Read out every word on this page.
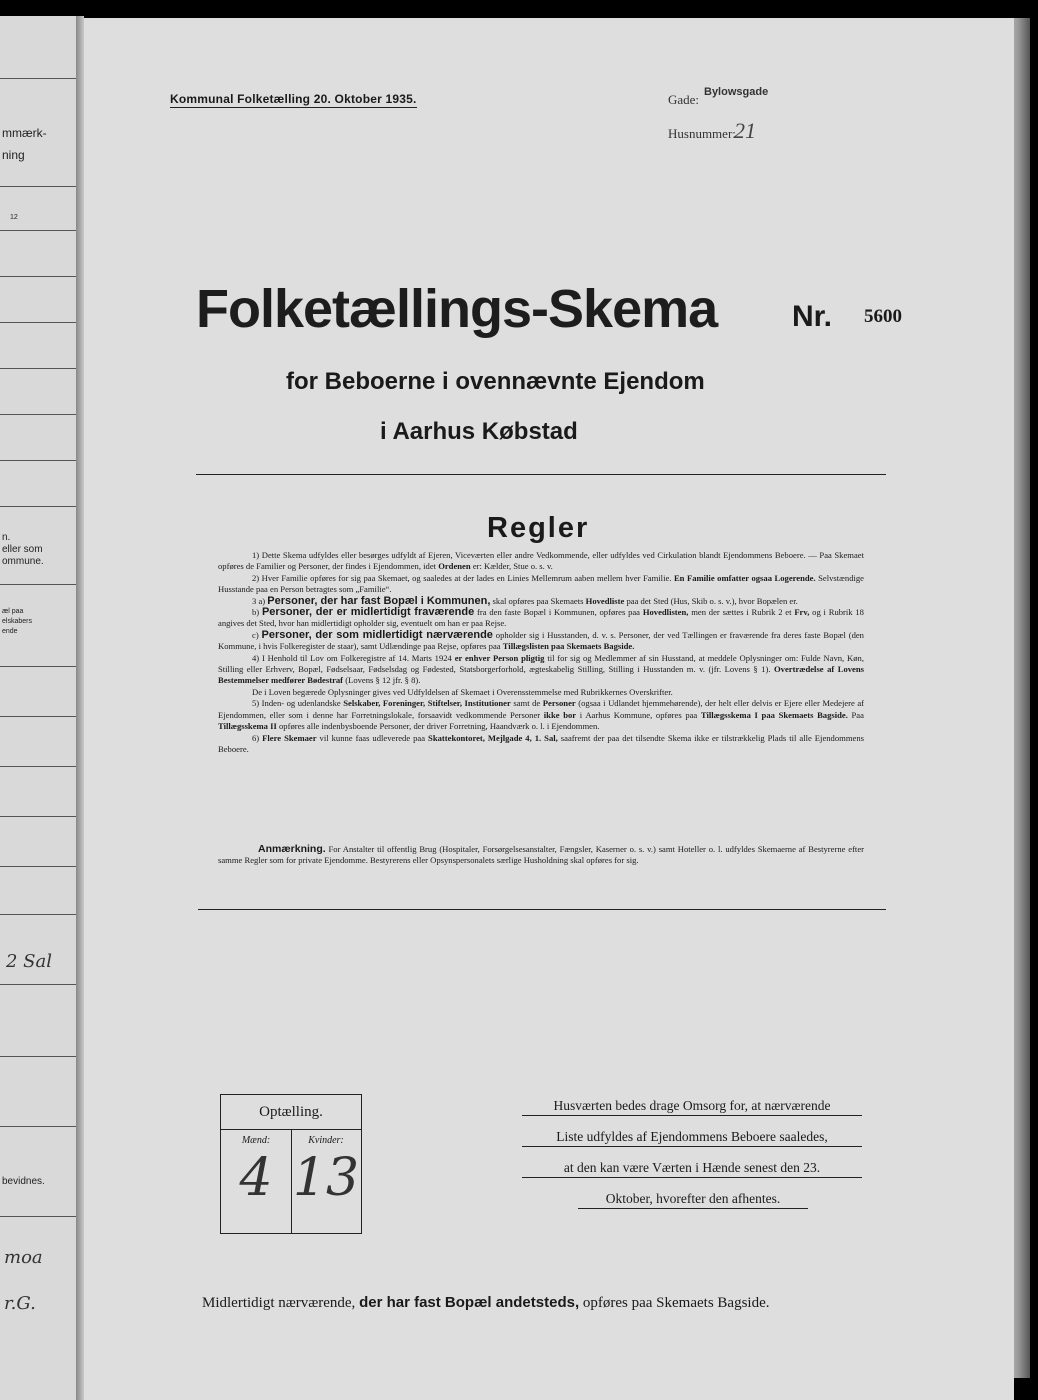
mmærk-
ning
12
n.
eller som
ommune.
æl paa
elskabers
ende
2 Sal
bevidnes.
moa
r.G.
Kommunal Folketælling 20. Oktober 1935.	Gade: Bylowsgade
Husnummer:
21
Folketællings-Skema Nr. 5600
for Beboerne i ovennævnte Ejendom
i Aarhus Købstad
Regler

1) Dette Skema udfyldes eller besørges udfyldt af Ejeren, Viceværten eller andre Vedkommende, eller udfyldes ved Cirkulation blandt Ejendommens Beboere. — Paa Skemaet opføres de Familier og Personer, der findes i Ejendommen, idet Ordenen er: Kælder, Stue o. s. v.

2) Hver Familie opføres for sig paa Skemaet, og saaledes at der lades en Linies Mellemrum aaben mellem hver Familie. En Familie omfatter ogsaa Logerende. Selvstændige Husstande paa en Person betragtes som „Familie“.

3 a) Personer, der har fast Bopæl i Kommunen, skal opføres paa Skemaets Hovedliste paa det Sted (Hus, Skib o. s. v.), hvor Bopælen er.

b) Personer, der er midlertidigt fraværende fra den faste Bopæl i Kommunen, opføres paa Hovedlisten, men der sættes i Rubrik 2 et Frv, og i Rubrik 18 angives det Sted, hvor han midlertidigt opholder sig, eventuelt om han er paa Rejse.

c) Personer, der som midlertidigt nærværende opholder sig i Husstanden, d. v. s. Personer, der ved Tællingen er fraværende fra deres faste Bopæl (den Kommune, i hvis Folkeregister de staar), samt Udlændinge paa Rejse, opføres paa Tillægslisten paa Skemaets Bagside.

4) I Henhold til Lov om Folkeregistre af 14. Marts 1924 er enhver Person pligtig til for sig og Medlemmer af sin Husstand, at meddele Oplysninger om: Fulde Navn, Køn, Stilling eller Erhverv, Bopæl, Fødselsaar, Fødselsdag og Fødested, Statsborgerforhold, ægteskabelig Stilling, Stilling i Husstanden m. v. (jfr. Lovens § 1). Overtrædelse af Lovens Bestemmelser medfører Bødestraf (Lovens § 12 jfr. § 8).

De i Loven begærede Oplysninger gives ved Udfyldelsen af Skemaet i Overensstemmelse med Rubrikkernes Overskrifter.

5) Inden- og udenlandske Selskaber, Foreninger, Stiftelser, Institutioner samt de Personer (ogsaa i Udlandet hjemmehørende), der helt eller delvis er Ejere eller Medejere af Ejendommen, eller som i denne har Forretningslokale, forsaavidt vedkommende Personer ikke bor i Aarhus Kommune, opføres paa Tillægsskema I paa Skemaets Bagside. Paa Tillægsskema II opføres alle indenbysboende Personer, der driver Forretning, Haandværk o. l. i Ejendommen.

6) Flere Skemaer vil kunne faas udleverede paa Skattekontoret, Mejlgade 4, 1. Sal, saafremt der paa det tilsendte Skema ikke er tilstrækkelig Plads til alle Ejendommens Beboere.

Anmærkning. For Anstalter til offentlig Brug (Hospitaler, Forsørgelsesanstalter, Fængsler, Kaserner o. s. v.) samt Hoteller o. l. udfyldes Skemaerne af Bestyrerne efter samme Regler som for private Ejendomme. Bestyrerens eller Opsynspersonalets særlige Husholdning skal opføres for sig.

Optælling.
Mænd:
4
Kvinder:
13
Husværten bedes drage Omsorg for, at nærværende
Liste udfyldes af Ejendommens Beboere saaledes,
at den kan være Værten i Hænde senest den 23.
Oktober, hvorefter den afhentes.
Midlertidigt nærværende, der har fast Bopæl andetsteds, opføres paa Skemaets Bagside.
